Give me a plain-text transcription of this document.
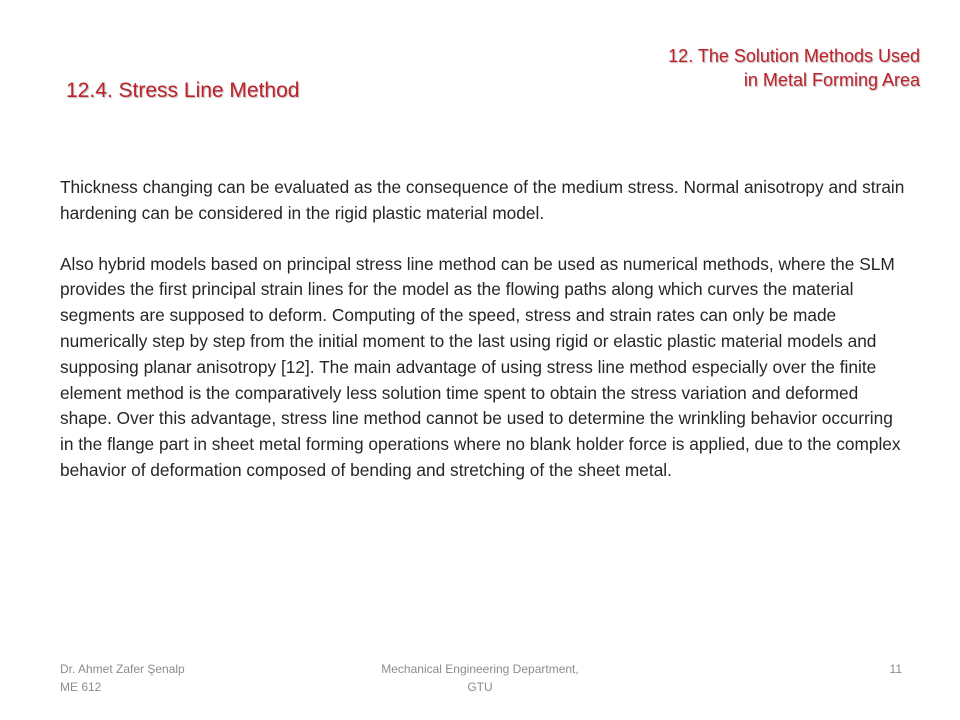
12. The Solution Methods Used
in Metal Forming Area
12.4. Stress Line Method

Thickness changing can be evaluated as the consequence of the medium stress. Normal anisotropy and strain hardening can be considered in the rigid plastic material model.

Also hybrid models based on principal stress line method can be used as numerical methods, where the SLM provides the first principal strain lines for the model as the flowing paths along which curves the material segments are supposed to deform. Computing of the speed, stress and strain rates can only be made numerically step by step from the initial moment to the last using rigid or elastic plastic material models and supposing planar anisotropy [12]. The main advantage of using stress line method especially over the finite element method is the comparatively less solution time spent to obtain the stress variation and deformed shape. Over this advantage, stress line method cannot be used to determine the wrinkling behavior occurring in the flange part in sheet metal forming operations where no blank holder force is applied, due to the complex behavior of deformation composed of bending and stretching of the sheet metal.

Dr. Ahmet Zafer Şenalp
ME 612
Mechanical Engineering Department,
GTU
11
